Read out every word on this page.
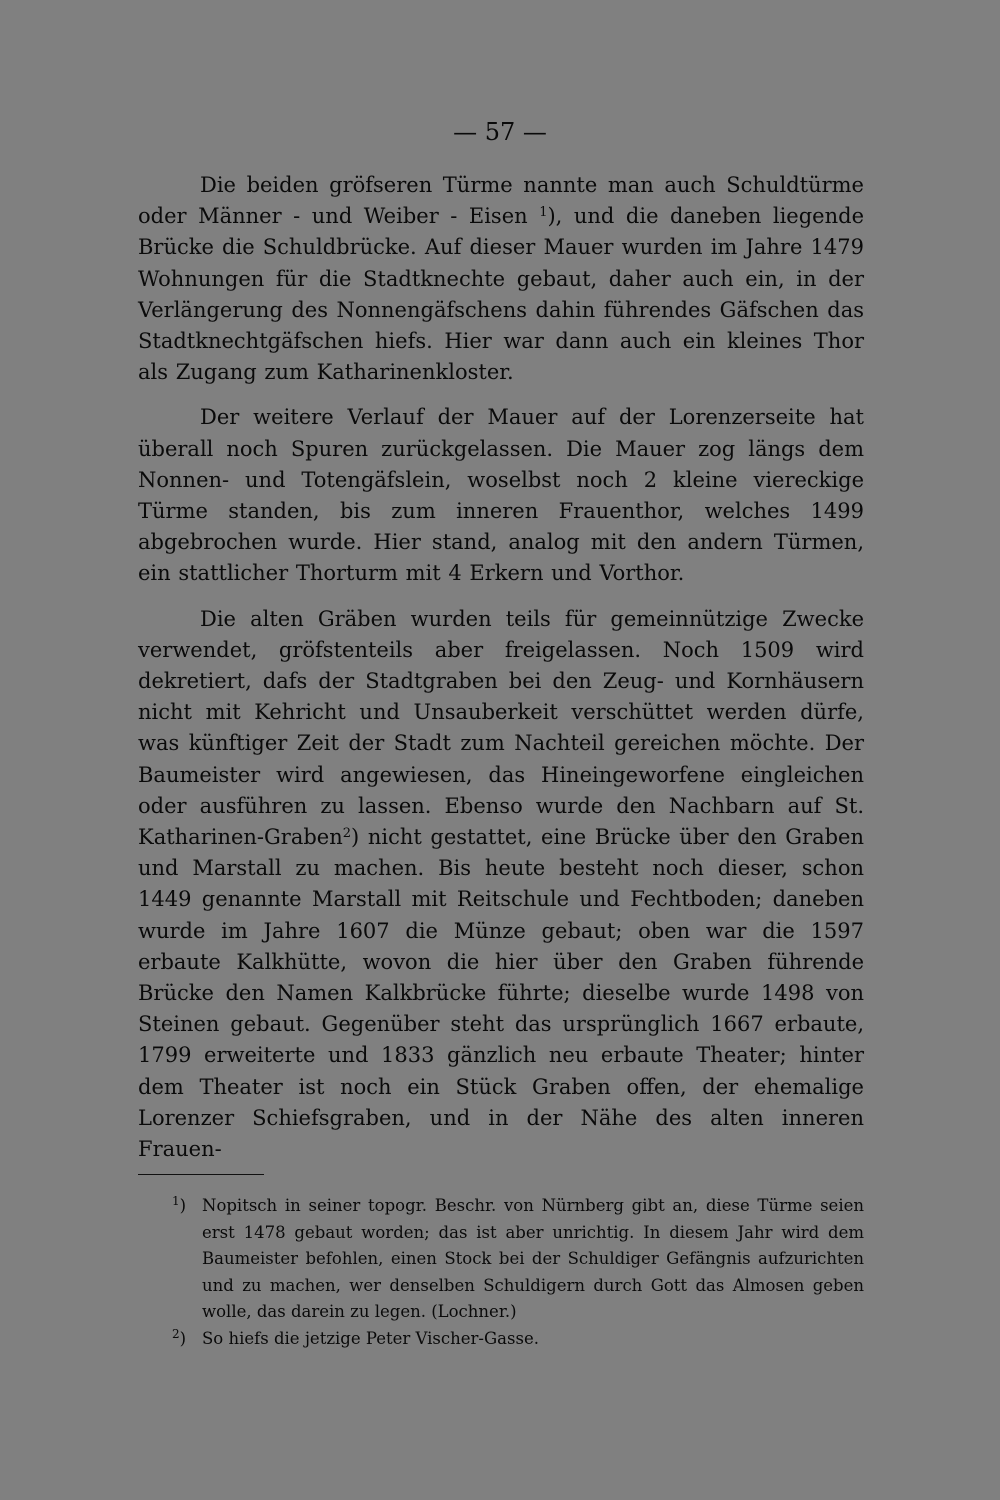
— 57 —

Die beiden gröfseren Türme nannte man auch Schuldtürme oder Männer - und Weiber - Eisen $^1$), und die daneben liegende Brücke die Schuldbrücke. Auf dieser Mauer wurden im Jahre 1479 Wohnungen für die Stadtknechte gebaut, daher auch ein, in der Verlängerung des Nonnengäfschens dahin führendes Gäfschen das Stadtknechtgäfschen hiefs. Hier war dann auch ein kleines Thor als Zugang zum Katharinenkloster.

Der weitere Verlauf der Mauer auf der Lorenzerseite hat überall noch Spuren zurückgelassen. Die Mauer zog längs dem Nonnen- und Totengäfslein, woselbst noch 2 kleine viereckige Türme standen, bis zum inneren Frauenthor, welches 1499 abgebrochen wurde. Hier stand, analog mit den andern Türmen, ein stattlicher Thorturm mit 4 Erkern und Vorthor.

Die alten Gräben wurden teils für gemeinnützige Zwecke verwendet, gröfstenteils aber freigelassen. Noch 1509 wird dekretiert, dafs der Stadtgraben bei den Zeug- und Kornhäusern nicht mit Kehricht und Unsauberkeit verschüttet werden dürfe, was künftiger Zeit der Stadt zum Nachteil gereichen möchte. Der Baumeister wird angewiesen, das Hineingeworfene eingleichen oder ausführen zu lassen. Ebenso wurde den Nachbarn auf St. Katharinen-Graben$^2$) nicht gestattet, eine Brücke über den Graben und Marstall zu machen. Bis heute besteht noch dieser, schon 1449 genannte Marstall mit Reitschule und Fechtboden; daneben wurde im Jahre 1607 die Münze gebaut; oben war die 1597 erbaute Kalkhütte, wovon die hier über den Graben führende Brücke den Namen Kalkbrücke führte; dieselbe wurde 1498 von Steinen gebaut. Gegenüber steht das ursprünglich 1667 erbaute, 1799 erweiterte und 1833 gänzlich neu erbaute Theater; hinter dem Theater ist noch ein Stück Graben offen, der ehemalige Lorenzer Schiefsgraben, und in der Nähe des alten inneren Frauen-

$^1$) Nopitsch in seiner topogr. Beschr. von Nürnberg gibt an, diese Türme seien erst 1478 gebaut worden; das ist aber unrichtig. In diesem Jahr wird dem Baumeister befohlen, einen Stock bei der Schuldiger Gefängnis aufzurichten und zu machen, wer denselben Schuldigern durch Gott das Almosen geben wolle, das darein zu legen. (Lochner.)

$^2$) So hiefs die jetzige Peter Vischer-Gasse.
